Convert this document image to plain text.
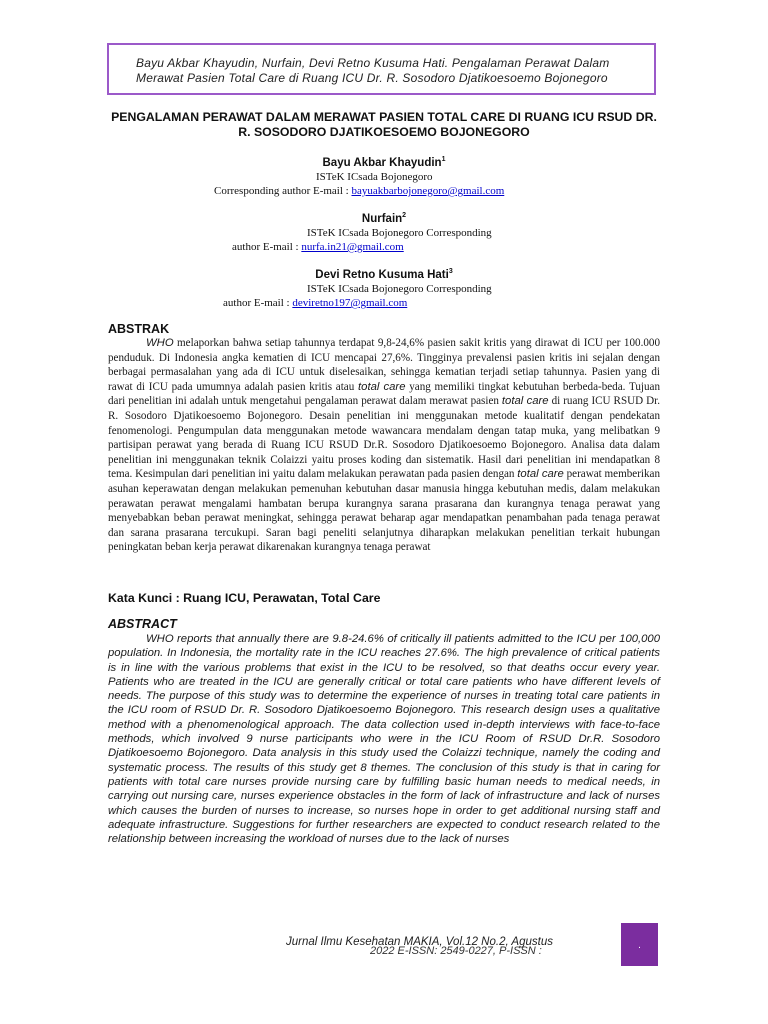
Bayu Akbar Khayudin, Nurfain, Devi Retno Kusuma Hati. Pengalaman Perawat Dalam Merawat Pasien Total Care di Ruang ICU Dr. R. Sosodoro Djatikoesoemo Bojonegoro
PENGALAMAN PERAWAT DALAM MERAWAT PASIEN TOTAL CARE DI RUANG ICU RSUD DR. R. SOSODORO DJATIKOESOEMO BOJONEGORO
Bayu Akbar Khayudin$^1$
ISTeK ICsada Bojonegoro
Corresponding author E-mail : bayuakbarbojonegoro@gmail.com
Nurfain$^2$
ISTeK ICsada Bojonegoro Corresponding
author E-mail : nurfa.in21@gmail.com
Devi Retno Kusuma Hati$^3$
ISTeK ICsada Bojonegoro Corresponding
author E-mail : deviretno197@gmail.com
ABSTRAK
WHO melaporkan bahwa setiap tahunnya terdapat 9,8-24,6% pasien sakit kritis yang dirawat di ICU per 100.000 penduduk. Di Indonesia angka kematien di ICU mencapai 27,6%. Tingginya prevalensi pasien kritis ini sejalan dengan berbagai permasalahan yang ada di ICU untuk diselesaikan, sehingga kematian terjadi setiap tahunnya. Pasien yang di rawat di ICU pada umumnya adalah pasien kritis atau total care yang memiliki tingkat kebutuhan berbeda-beda. Tujuan dari penelitian ini adalah untuk mengetahui pengalaman perawat dalam merawat pasien total care di ruang ICU RSUD Dr. R. Sosodoro Djatikoesoemo Bojonegoro. Desain penelitian ini menggunakan metode kualitatif dengan pendekatan fenomenologi. Pengumpulan data menggunakan metode wawancara mendalam dengan tatap muka, yang melibatkan 9 partisipan perawat yang berada di Ruang ICU RSUD Dr.R. Sosodoro Djatikoesoemo Bojonegoro. Analisa data dalam penelitian ini menggunakan teknik Colaizzi yaitu proses koding dan sistematik. Hasil dari penelitian ini mendapatkan 8 tema. Kesimpulan dari penelitian ini yaitu dalam melakukan perawatan pada pasien dengan total care perawat memberikan asuhan keperawatan dengan melakukan pemenuhan kebutuhan dasar manusia hingga kebutuhan medis, dalam melakukan perawatan perawat mengalami hambatan berupa kurangnya sarana prasarana dan kurangnya tenaga perawat yang menyebabkan beban perawat meningkat, sehingga perawat beharap agar mendapatkan penambahan pada tenaga perawat dan sarana prasarana tercukupi. Saran bagi peneliti selanjutnya diharapkan melakukan penelitian terkait hubungan peningkatan beban kerja perawat dikarenakan kurangnya tenaga perawat
Kata Kunci : Ruang ICU, Perawatan, Total Care
ABSTRACT
WHO reports that annually there are 9.8-24.6% of critically ill patients admitted to the ICU per 100,000 population. In Indonesia, the mortality rate in the ICU reaches 27.6%. The high prevalence of critical patients is in line with the various problems that exist in the ICU to be resolved, so that deaths occur every year. Patients who are treated in the ICU are generally critical or total care patients who have different levels of needs. The purpose of this study was to determine the experience of nurses in treating total care patients in the ICU room of RSUD Dr. R. Sosodoro Djatikoesoemo Bojonegoro. This research design uses a qualitative method with a phenomenological approach. The data collection used in-depth interviews with face-to-face methods, which involved 9 nurse participants who were in the ICU Room of RSUD Dr.R. Sosodoro Djatikoesoemo Bojonegoro. Data analysis in this study used the Colaizzi technique, namely the coding and systematic process. The results of this study get 8 themes. The conclusion of this study is that in caring for patients with total care nurses provide nursing care by fulfilling basic human needs to medical needs, in carrying out nursing care, nurses experience obstacles in the form of lack of infrastructure and lack of nurses which causes the burden of nurses to increase, so nurses hope in order to get additional nursing staff and adequate infrastructure. Suggestions for further researchers are expected to conduct research related to the relationship between increasing the workload of nurses due to the lack of nurses
Jurnal Ilmu Kesehatan MAKIA, Vol.12 No.2, Agustus
2022 E-ISSN: 2549-0227, P-ISSN :	.
